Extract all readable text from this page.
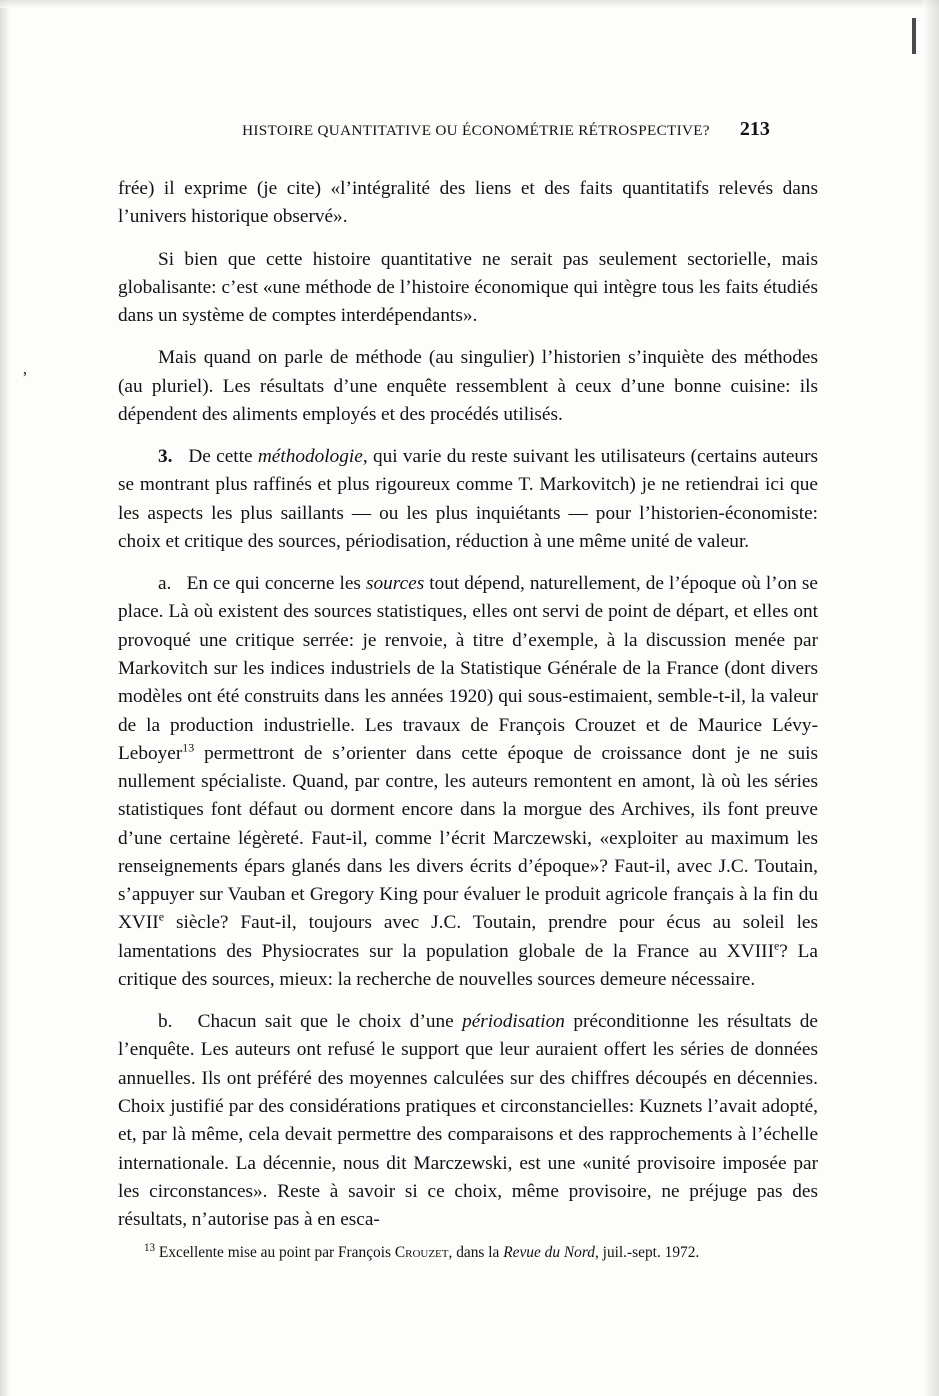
’
HISTOIRE QUANTITATIVE OU ÉCONOMÉTRIE RÉTROSPECTIVE? 213

frée) il exprime (je cite) «l’intégralité des liens et des faits quantitatifs relevés dans l’univers historique observé».

Si bien que cette histoire quantitative ne serait pas seulement sectorielle, mais globalisante: c’est «une méthode de l’histoire économique qui intègre tous les faits étudiés dans un système de comptes interdépendants».

Mais quand on parle de méthode (au singulier) l’historien s’inquiète des méthodes (au pluriel). Les résultats d’une enquête ressemblent à ceux d’une bonne cuisine: ils dépendent des aliments employés et des procédés utilisés.

3. De cette méthodologie, qui varie du reste suivant les utilisateurs (certains auteurs se montrant plus raffinés et plus rigoureux comme T. Markovitch) je ne retiendrai ici que les aspects les plus saillants — ou les plus inquiétants — pour l’historien-économiste: choix et critique des sources, périodisation, réduction à une même unité de valeur.

a. En ce qui concerne les sources tout dépend, naturellement, de l’époque où l’on se place. Là où existent des sources statistiques, elles ont servi de point de départ, et elles ont provoqué une critique serrée: je renvoie, à titre d’exemple, à la discussion menée par Markovitch sur les indices industriels de la Statistique Générale de la France (dont divers modèles ont été construits dans les années 1920) qui sous-estimaient, semble-t-il, la valeur de la production industrielle. Les travaux de François Crouzet et de Maurice Lévy-Leboyer$^{13}$ permettront de s’orienter dans cette époque de croissance dont je ne suis nullement spécialiste. Quand, par contre, les auteurs remontent en amont, là où les séries statistiques font défaut ou dorment encore dans la morgue des Archives, ils font preuve d’une certaine légèreté. Faut-il, comme l’écrit Marczewski, «exploiter au maximum les renseignements épars glanés dans les divers écrits d’époque»? Faut-il, avec J.C. Toutain, s’appuyer sur Vauban et Gregory King pour évaluer le produit agricole français à la fin du XVIIe siècle? Faut-il, toujours avec J.C. Toutain, prendre pour écus au soleil les lamentations des Physiocrates sur la population globale de la France au XVIIIe? La critique des sources, mieux: la recherche de nouvelles sources demeure nécessaire.

b. Chacun sait que le choix d’une périodisation préconditionne les résultats de l’enquête. Les auteurs ont refusé le support que leur auraient offert les séries de données annuelles. Ils ont préféré des moyennes calculées sur des chiffres découpés en décennies. Choix justifié par des considérations pratiques et circonstancielles: Kuznets l’avait adopté, et, par là même, cela devait permettre des comparaisons et des rapprochements à l’échelle internationale. La décennie, nous dit Marczewski, est une «unité provisoire imposée par les circonstances». Reste à savoir si ce choix, même provisoire, ne préjuge pas des résultats, n’autorise pas à en esca-

$^{13}$ Excellente mise au point par François Crouzet, dans la Revue du Nord, juil.-sept. 1972.
